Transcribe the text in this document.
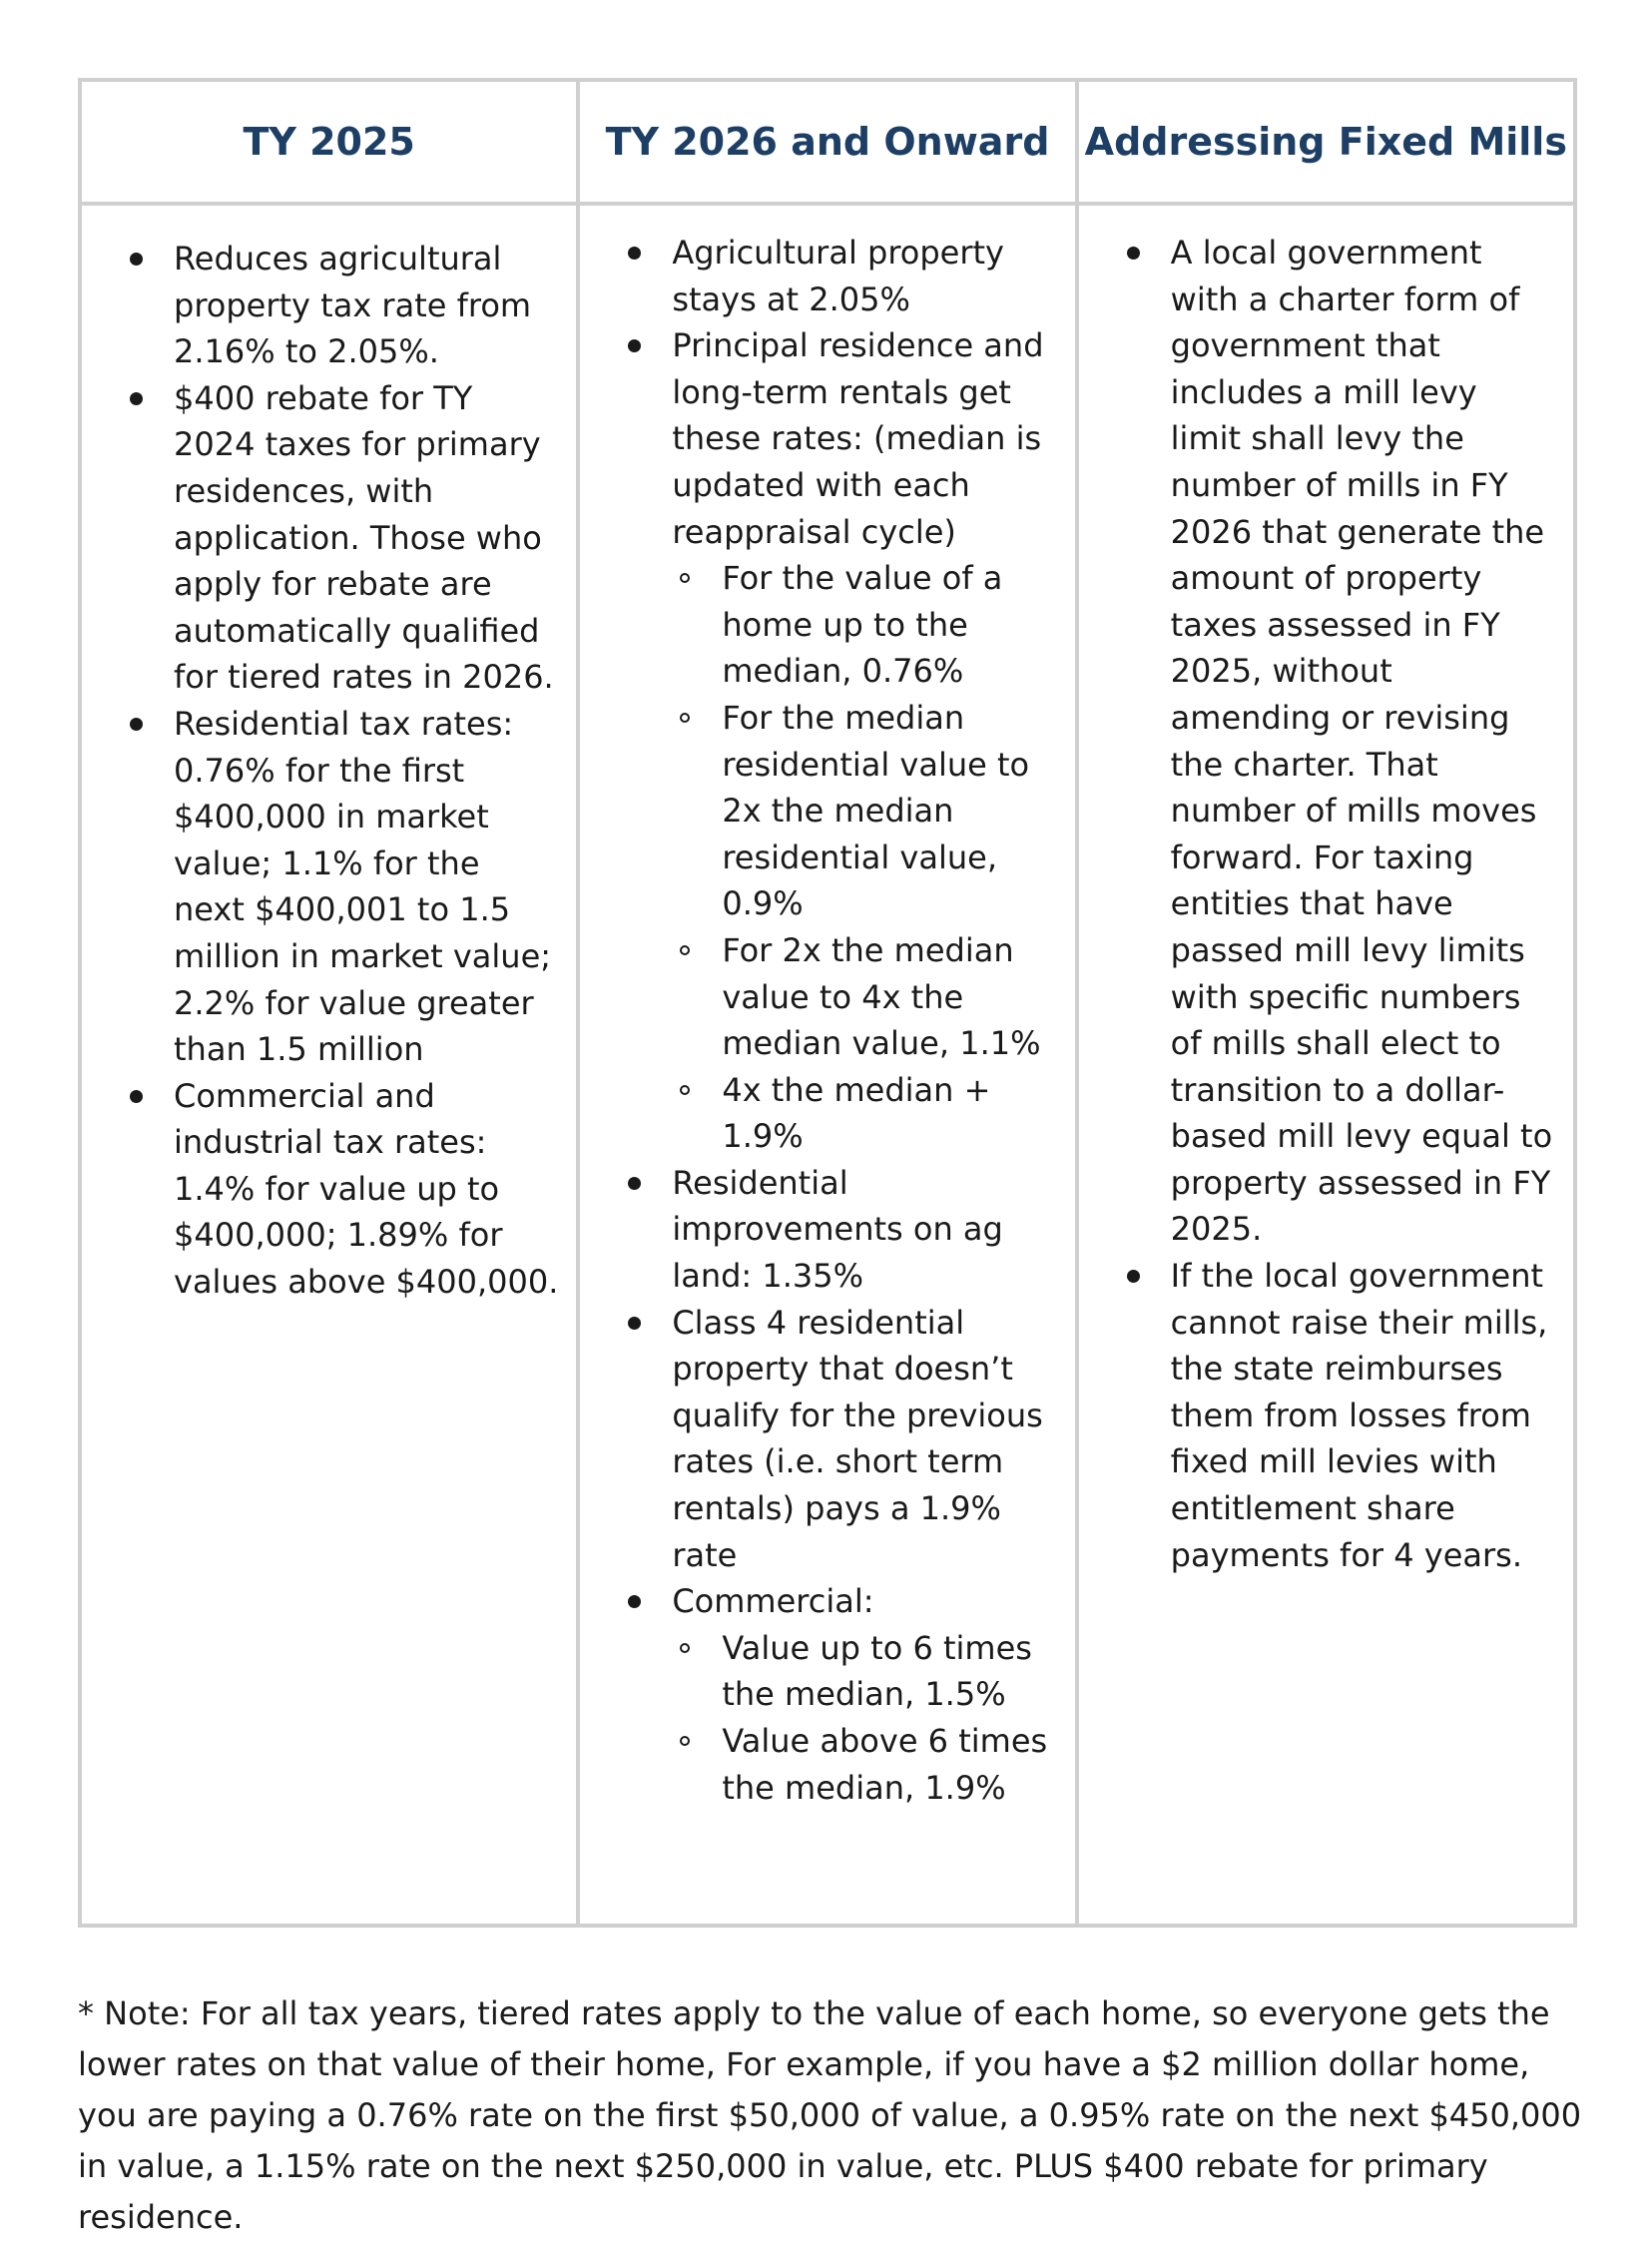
TY 2025	TY 2026 and Onward Addressing Fixed Mills
Reduces agricultural property tax rate from 2.16% to 2.05%.
$400 rebate for TY 2024 taxes for primary residences, with application. Those who apply for rebate are automatically qualified for tiered rates in 2026.
Residential tax rates: 0.76% for the first $400,000 in market value; 1.1% for the next $400,001 to 1.5 million in market value; 2.2% for value greater than 1.5 million
Commercial and industrial tax rates: 1.4% for value up to $400,000; 1.89% for values above $400,000.
Agricultural property stays at 2.05%
Principal residence and long-term rentals get these rates: (median is updated with each reappraisal cycle)
For the value of a home up to the median, 0.76%
For the median residential value to 2x the median residential value, 0.9%
For 2x the median value to 4x the median value, 1.1%
4x the median + 1.9%
Residential improvements on ag land: 1.35%
Class 4 residential property that doesn’t qualify for the previous rates (i.e. short term rentals) pays a 1.9% rate
Commercial:
Value up to 6 times the median, 1.5%
Value above 6 times the median, 1.9%
A local government with a charter form of government that includes a mill levy limit shall levy the number of mills in FY 2026 that generate the amount of property taxes assessed in FY 2025, without amending or revising the charter. That number of mills moves forward. For taxing entities that have passed mill levy limits with specific numbers of mills shall elect to transition to a dollar-based mill levy equal to property assessed in FY 2025.
If the local government cannot raise their mills, the state reimburses them from losses from fixed mill levies with entitlement share payments for 4 years.

* Note: For all tax years, tiered rates apply to the value of each home, so everyone gets the lower rates on that value of their home, For example, if you have a $2 million dollar home, you are paying a 0.76% rate on the first $50,000 of value, a 0.95% rate on the next $450,000 in value, a 1.15% rate on the next $250,000 in value, etc. PLUS $400 rebate for primary residence.
